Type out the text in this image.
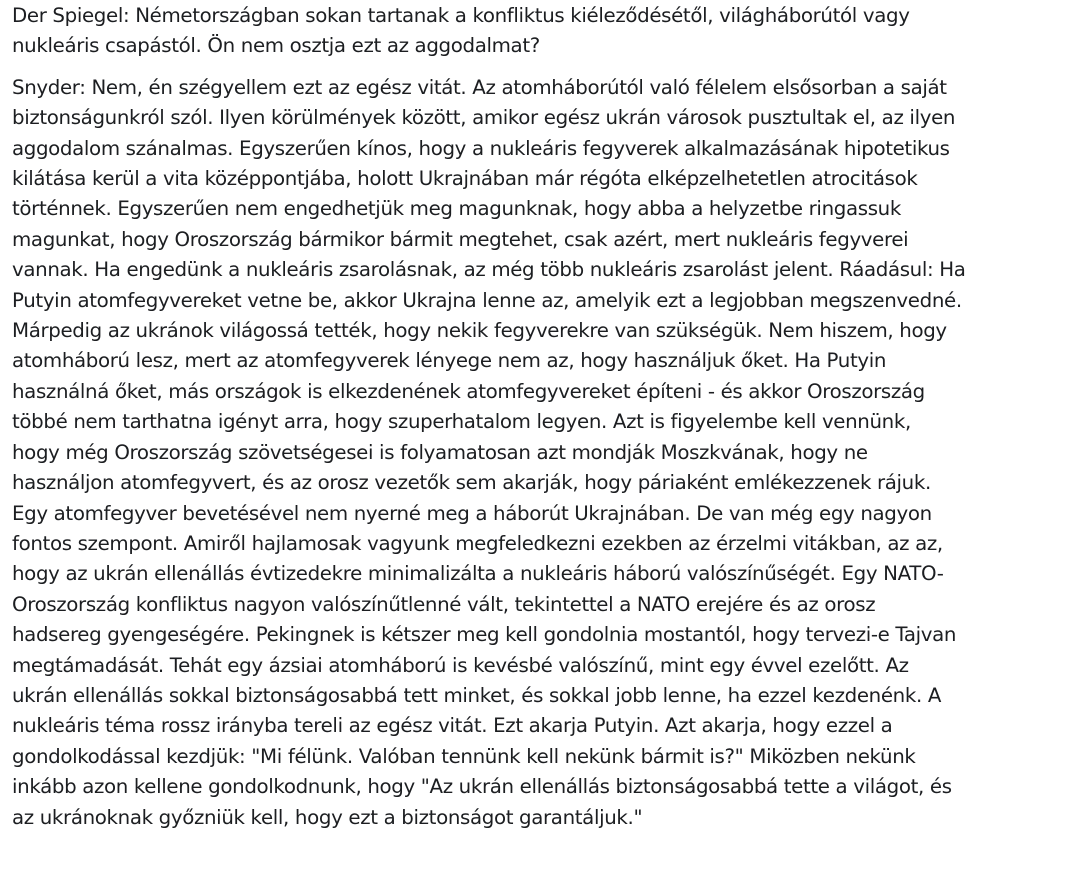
Der Spiegel: Németországban sokan tartanak a konfliktus kiéleződésétől, világháborútól vagy
nukleáris csapástól. Ön nem osztja ezt az aggodalmat?

Snyder: Nem, én szégyellem ezt az egész vitát. Az atomháborútól való félelem elsősorban a saját
biztonságunkról szól. Ilyen körülmények között, amikor egész ukrán városok pusztultak el, az ilyen
aggodalom szánalmas. Egyszerűen kínos, hogy a nukleáris fegyverek alkalmazásának hipotetikus
kilátása kerül a vita középpontjába, holott Ukrajnában már régóta elképzelhetetlen atrocitások
történnek. Egyszerűen nem engedhetjük meg magunknak, hogy abba a helyzetbe ringassuk
magunkat, hogy Oroszország bármikor bármit megtehet, csak azért, mert nukleáris fegyverei
vannak. Ha engedünk a nukleáris zsarolásnak, az még több nukleáris zsarolást jelent. Ráadásul: Ha
Putyin atomfegyvereket vetne be, akkor Ukrajna lenne az, amelyik ezt a legjobban megszenvedné.
Márpedig az ukránok világossá tették, hogy nekik fegyverekre van szükségük. Nem hiszem, hogy
atomháború lesz, mert az atomfegyverek lényege nem az, hogy használjuk őket. Ha Putyin
használná őket, más országok is elkezdenének atomfegyvereket építeni - és akkor Oroszország
többé nem tarthatna igényt arra, hogy szuperhatalom legyen. Azt is figyelembe kell vennünk,
hogy még Oroszország szövetségesei is folyamatosan azt mondják Moszkvának, hogy ne
használjon atomfegyvert, és az orosz vezetők sem akarják, hogy páriaként emlékezzenek rájuk.
Egy atomfegyver bevetésével nem nyerné meg a háborút Ukrajnában. De van még egy nagyon
fontos szempont. Amiről hajlamosak vagyunk megfeledkezni ezekben az érzelmi vitákban, az az,
hogy az ukrán ellenállás évtizedekre minimalizálta a nukleáris háború valószínűségét. Egy NATO-
Oroszország konfliktus nagyon valószínűtlenné vált, tekintettel a NATO erejére és az orosz
hadsereg gyengeségére. Pekingnek is kétszer meg kell gondolnia mostantól, hogy tervezi-e Tajvan
megtámadását. Tehát egy ázsiai atomháború is kevésbé valószínű, mint egy évvel ezelőtt. Az
ukrán ellenállás sokkal biztonságosabbá tett minket, és sokkal jobb lenne, ha ezzel kezdenénk. A
nukleáris téma rossz irányba tereli az egész vitát. Ezt akarja Putyin. Azt akarja, hogy ezzel a
gondolkodással kezdjük: "Mi félünk. Valóban tennünk kell nekünk bármit is?" Miközben nekünk
inkább azon kellene gondolkodnunk, hogy "Az ukrán ellenállás biztonságosabbá tette a világot, és
az ukránoknak győzniük kell, hogy ezt a biztonságot garantáljuk."
